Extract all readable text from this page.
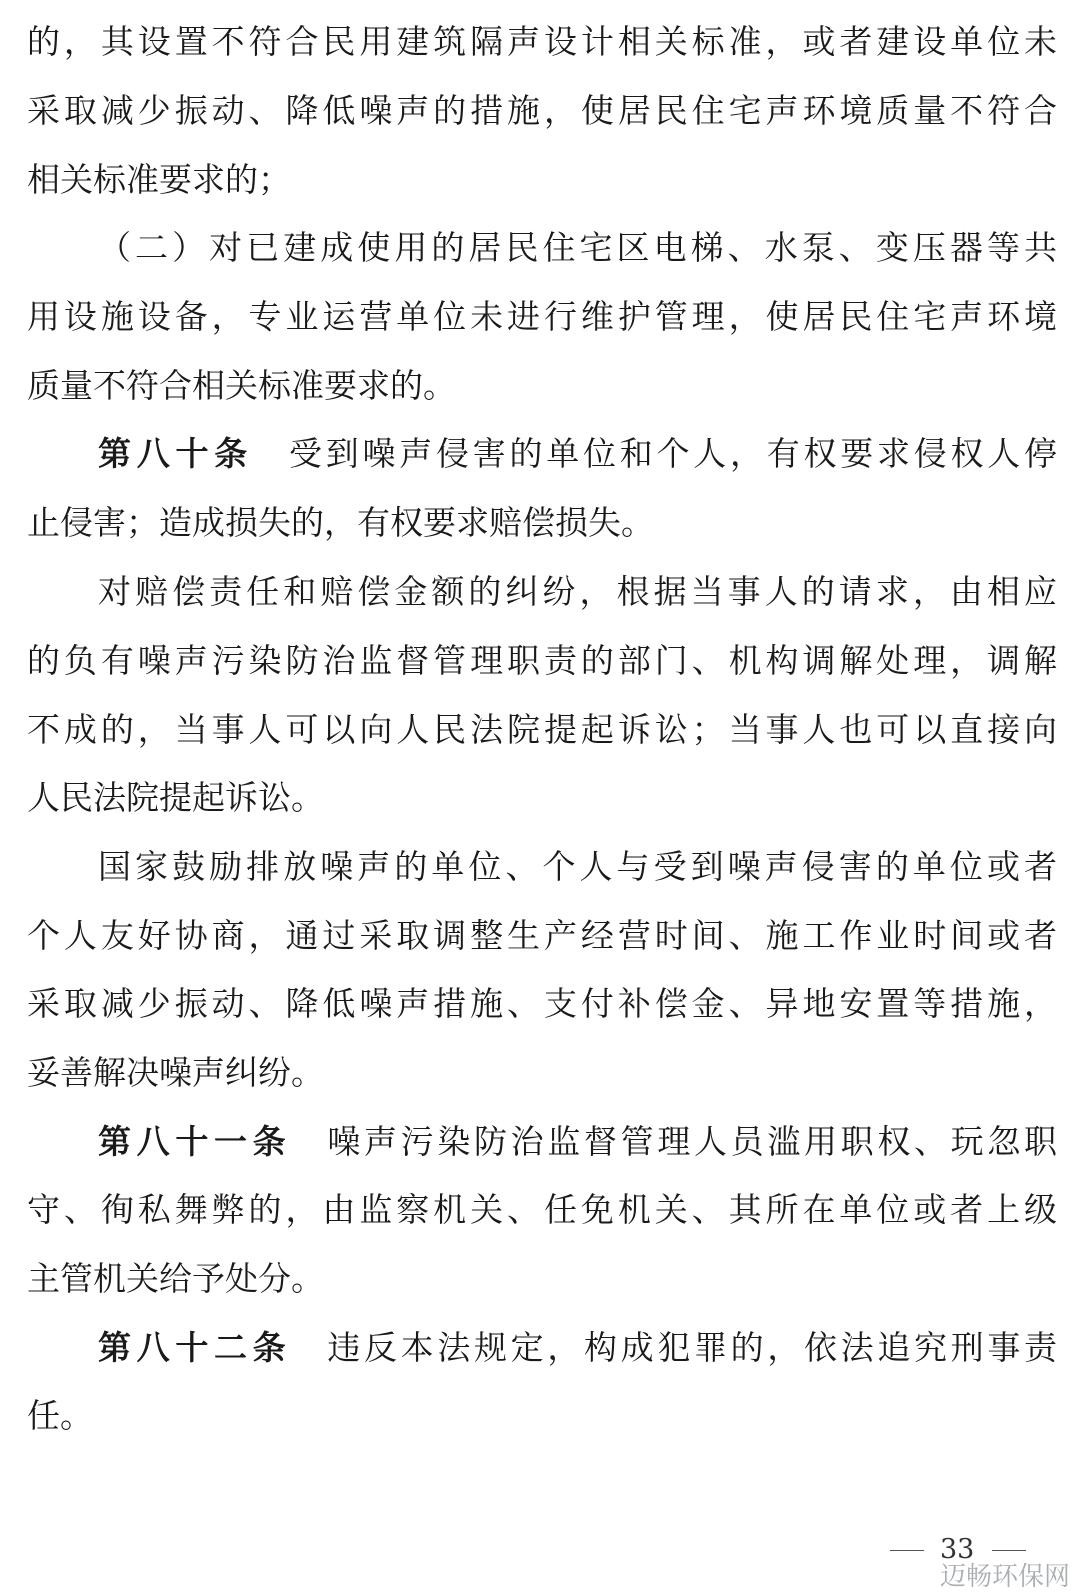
的，其设置不符合民用建筑隔声设计相关标准，或者建设单位未
采取减少振动、降低噪声的措施，使居民住宅声环境质量不符合
相关标准要求的；
（二）对已建成使用的居民住宅区电梯、水泵、变压器等共
用设施设备，专业运营单位未进行维护管理，使居民住宅声环境
质量不符合相关标准要求的。
第八十条 受到噪声侵害的单位和个人，有权要求侵权人停
止侵害；造成损失的，有权要求赔偿损失。
对赔偿责任和赔偿金额的纠纷，根据当事人的请求，由相应
的负有噪声污染防治监督管理职责的部门、机构调解处理，调解
不成的，当事人可以向人民法院提起诉讼；当事人也可以直接向
人民法院提起诉讼。
国家鼓励排放噪声的单位、个人与受到噪声侵害的单位或者
个人友好协商，通过采取调整生产经营时间、施工作业时间或者
采取减少振动、降低噪声措施、支付补偿金、异地安置等措施，
妥善解决噪声纠纷。
第八十一条 噪声污染防治监督管理人员滥用职权、玩忽职
守、徇私舞弊的，由监察机关、任免机关、其所在单位或者上级
主管机关给予处分。
第八十二条 违反本法规定，构成犯罪的，依法追究刑事责
任。
33
迈畅环保网
